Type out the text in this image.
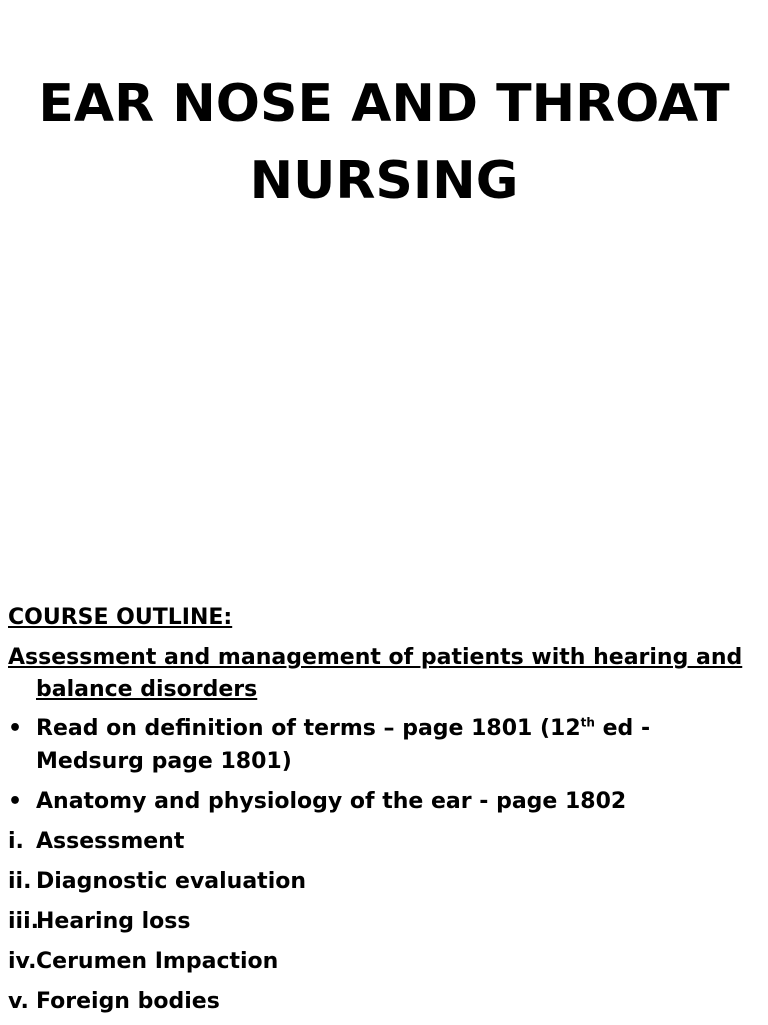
EAR NOSE AND THROAT
NURSING
COURSE OUTLINE:
Assessment and management of patients with hearing and balance disorders
• Read on definition of terms – page 1801 (12th ed - Medsurg page 1801)
• Anatomy and physiology of the ear - page 1802
i. Assessment
ii. Diagnostic evaluation
iii.
Hearing loss
iv. Cerumen Impaction
v. Foreign bodies
